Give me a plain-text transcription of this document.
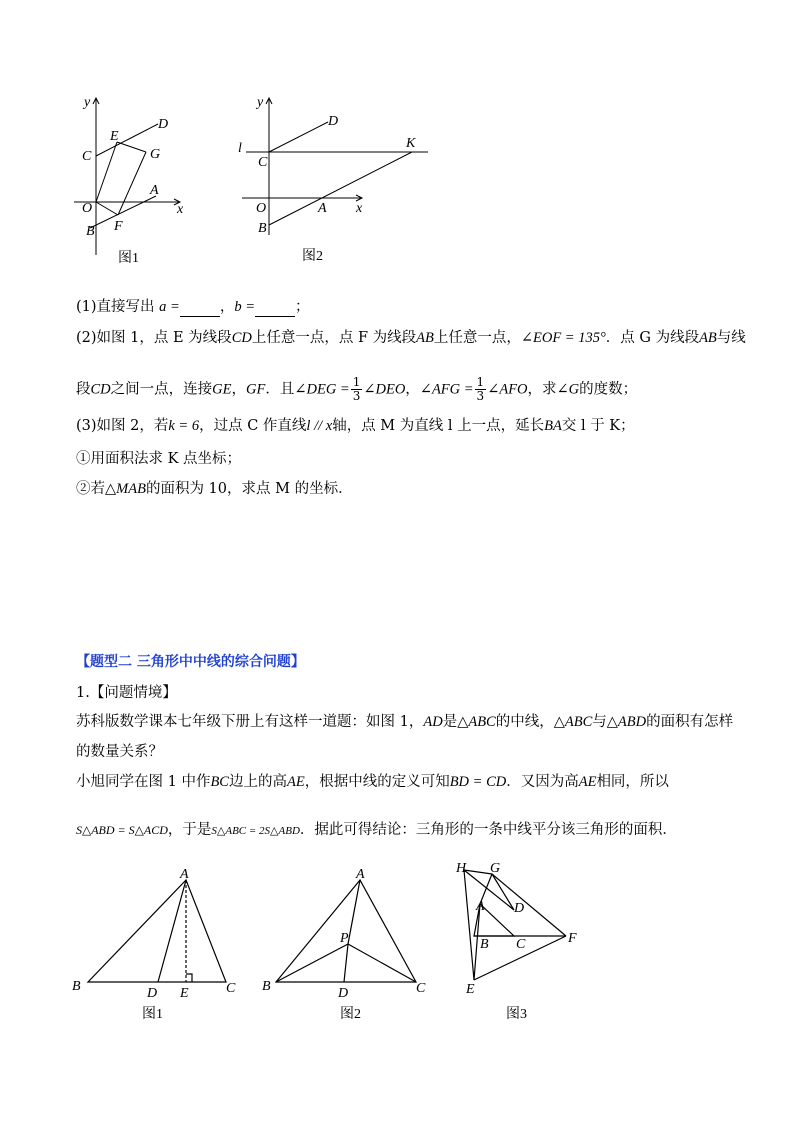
y
D
E
C	G
A
O	x
F
B
图1
y
D
l	K
C
O	A x
B
图2
(1)直接写出 a =	，b =	；
(2)如图 1，点 E 为线段CD上任意一点，点 F 为线段AB上任意一点，∠EOF = 135°．点 G 为线段AB与线
段CD之间一点，连接GE，GF．且∠DEG = $\frac{1}{3}$ ∠DEO，∠AFG = $\frac{1}{3}$ ∠AFO，求∠G的度数；
(3)如图 2，若k = 6，过点 C 作直线l // x轴，点 M 为直线 l 上一点，延长BA交 l 于 K；
①用面积法求 K 点坐标；
②若△MAB的面积为 10，求点 M 的坐标．
【题型二 三角形中中线的综合问题】
1.【问题情境】
苏科版数学课本七年级下册上有这样一道题：如图 1，AD是△ABC的中线，△ABC与△ABD的面积有怎样
的数量关系？
小旭同学在图 1 中作BC边上的高AE，根据中线的定义可知BD = CD．又因为高AE相同，所以
S△ABD = S△ACD，于是S△ABC = 2S△ABD．据此可得结论：三角形的一条中线平分该三角形的面积．
A
B	D E	C
图1
A
P
B	D	C
图2
H G
A D
B C	F
E
图3
